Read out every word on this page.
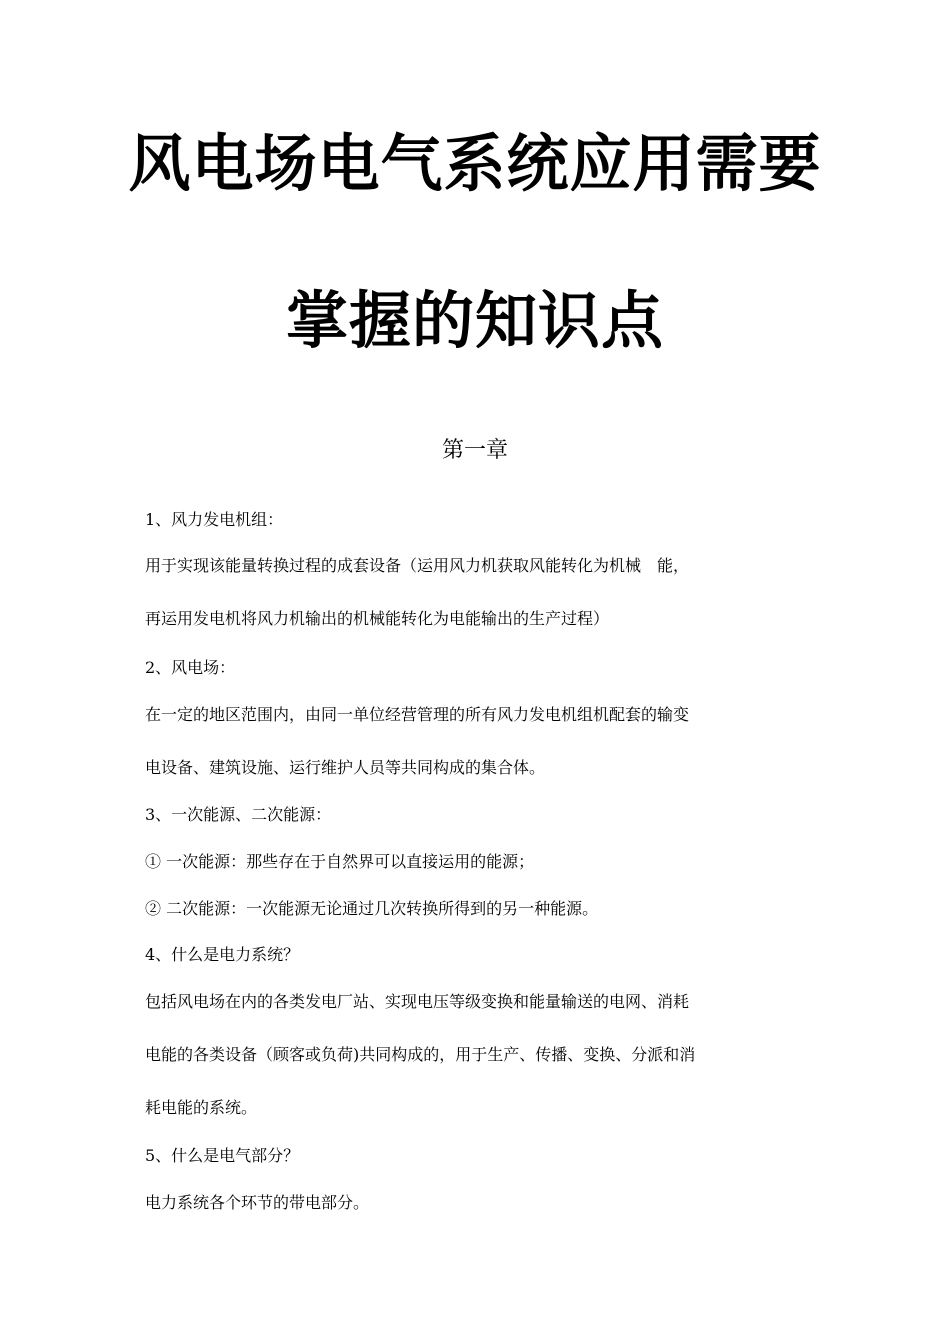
风电场电气系统应用需要
掌握的知识点
第一章
1、风力发电机组：
用于实现该能量转换过程的成套设备（运用风力机获取风能转化为机械　能，
再运用发电机将风力机输出的机械能转化为电能输出的生产过程）
2、风电场：
在一定的地区范围内，由同一单位经营管理的所有风力发电机组机配套的输变
电设备、建筑设施、运行维护人员等共同构成的集合体。
3、一次能源、二次能源：
① 一次能源：那些存在于自然界可以直接运用的能源；
② 二次能源：一次能源无论通过几次转换所得到的另一种能源。
4、什么是电力系统？
包括风电场在内的各类发电厂站、实现电压等级变换和能量输送的电网、消耗
电能的各类设备（顾客或负荷)共同构成的，用于生产、传播、变换、分派和消
耗电能的系统。
5、什么是电气部分？
电力系统各个环节的带电部分。
